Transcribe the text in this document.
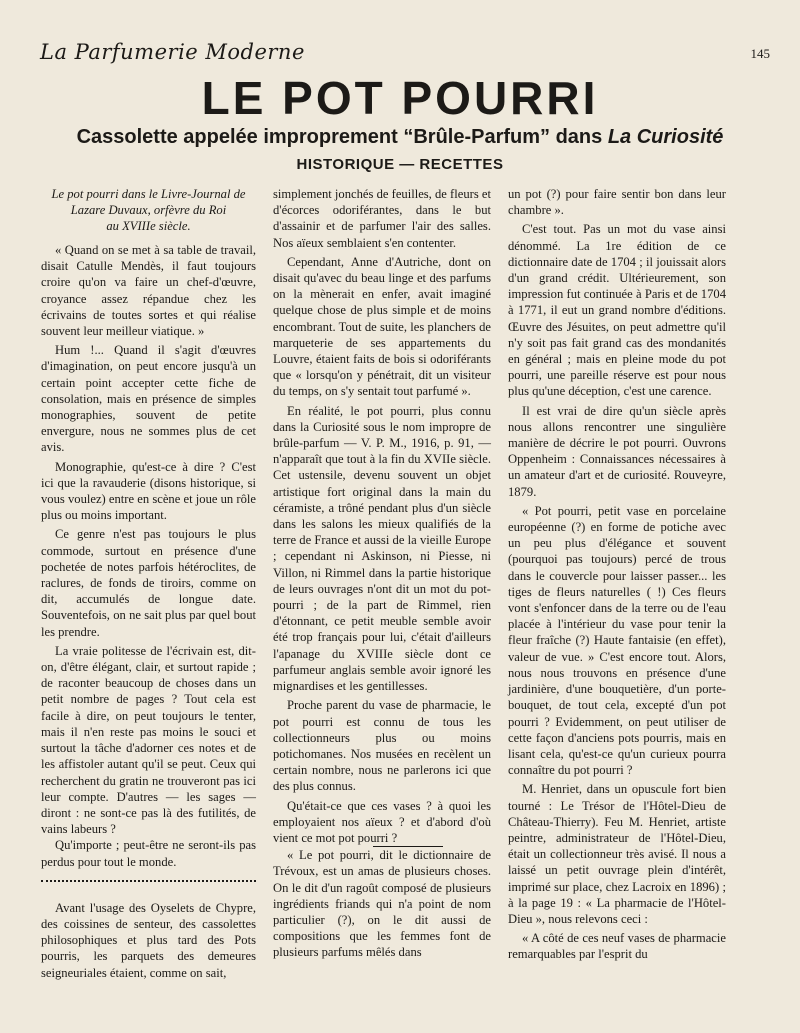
La Parfumerie Moderne	145
LE POT POURRI
Cassolette appelée improprement “Brûle-Parfum” dans La Curiosité
HISTORIQUE — RECETTES

Le pot pourri dans le Livre-Journal de
Lazare Duvaux, orfèvre du Roi
au XVIIIe siècle.

« Quand on se met à sa table de travail, disait Catulle Mendès, il faut toujours croire qu'on va faire un chef-d'œuvre, croyance assez répandue chez les écrivains de toutes sortes et qui réalise souvent leur meilleur viatique. »

Hum !... Quand il s'agit d'œuvres d'imagination, on peut encore jusqu'à un certain point accepter cette fiche de consolation, mais en présence de simples monographies, souvent de petite envergure, nous ne sommes plus de cet avis.

Monographie, qu'est-ce à dire ? C'est ici que la ravauderie (disons historique, si vous voulez) entre en scène et joue un rôle plus ou moins important.

Ce genre n'est pas toujours le plus commode, surtout en présence d'une pochetée de notes parfois hétéroclites, de raclures, de fonds de tiroirs, comme on dit, accumulés de longue date. Souventefois, on ne sait plus par quel bout les prendre.

La vraie politesse de l'écrivain est, dit-on, d'être élégant, clair, et surtout rapide ; de raconter beaucoup de choses dans un petit nombre de pages ? Tout cela est facile à dire, on peut toujours le tenter, mais il n'en reste pas moins le souci et surtout la tâche d'adorner ces notes et de les affistoler autant qu'il se peut. Ceux qui recherchent du gratin ne trouveront pas ici leur compte. D'autres — les sages — diront : ne sont-ce pas là des futilités, de vains labeurs ?

Qu'importe ; peut-être ne seront-ils pas perdus pour tout le monde.

Avant l'usage des Oyselets de Chypre, des coissines de senteur, des cassolettes philosophiques et plus tard des Pots pourris, les parquets des demeures seigneuriales étaient, comme on sait,

simplement jonchés de feuilles, de fleurs et d'écorces odoriférantes, dans le but d'assainir et de parfumer l'air des salles. Nos aïeux semblaient s'en contenter.

Cependant, Anne d'Autriche, dont on disait qu'avec du beau linge et des parfums on la mènerait en enfer, avait imaginé quelque chose de plus simple et de moins encombrant. Tout de suite, les planchers de marqueterie de ses appartements du Louvre, étaient faits de bois si odoriférants que « lorsqu'on y pénétrait, dit un visiteur du temps, on s'y sentait tout parfumé ».

En réalité, le pot pourri, plus connu dans la Curiosité sous le nom impropre de brûle-parfum — V. P. M., 1916, p. 91, — n'apparaît que tout à la fin du XVIIe siècle. Cet ustensile, devenu souvent un objet artistique fort original dans la main du céramiste, a trôné pendant plus d'un siècle dans les salons les mieux qualifiés de la terre de France et aussi de la vieille Europe ; cependant ni Askinson, ni Piesse, ni Villon, ni Rimmel dans la partie historique de leurs ouvrages n'ont dit un mot du pot-pourri ; de la part de Rimmel, rien d'étonnant, ce petit meuble semble avoir été trop français pour lui, c'était d'ailleurs l'apanage du XVIIIe siècle dont ce parfumeur anglais semble avoir ignoré les mignardises et les gentillesses.

Proche parent du vase de pharmacie, le pot pourri est connu de tous les collectionneurs plus ou moins potichomanes. Nos musées en recèlent un certain nombre, nous ne parlerons ici que des plus connus.

Qu'était-ce que ces vases ? à quoi les employaient nos aïeux ? et d'abord d'où vient ce mot pot pourri ?

« Le pot pourri, dit le dictionnaire de Trévoux, est un amas de plusieurs choses. On le dit d'un ragoût composé de plusieurs ingrédients friands qui n'a point de nom particulier (?), on le dit aussi de compositions que les femmes font de plusieurs parfums mêlés dans

un pot (?) pour faire sentir bon dans leur chambre ».

C'est tout. Pas un mot du vase ainsi dénommé. La 1re édition de ce dictionnaire date de 1704 ; il jouissait alors d'un grand crédit. Ultérieurement, son impression fut continuée à Paris et de 1704 à 1771, il eut un grand nombre d'éditions. Œuvre des Jésuites, on peut admettre qu'il n'y soit pas fait grand cas des mondanités en général ; mais en pleine mode du pot pourri, une pareille réserve est pour nous plus qu'une déception, c'est une carence.

Il est vrai de dire qu'un siècle après nous allons rencontrer une singulière manière de décrire le pot pourri. Ouvrons Oppenheim : Connaissances nécessaires à un amateur d'art et de curiosité. Rouveyre, 1879.

« Pot pourri, petit vase en porcelaine européenne (?) en forme de potiche avec un peu plus d'élégance et souvent (pourquoi pas toujours) percé de trous dans le couvercle pour laisser passer... les tiges de fleurs naturelles ( !) Ces fleurs vont s'enfoncer dans de la terre ou de l'eau placée à l'intérieur du vase pour tenir la fleur fraîche (?) Haute fantaisie (en effet), valeur de vue. » C'est encore tout. Alors, nous nous trouvons en présence d'une jardinière, d'une bouquetière, d'un porte-bouquet, de tout cela, excepté d'un pot pourri ? Evidemment, on peut utiliser de cette façon d'anciens pots pourris, mais en lisant cela, qu'est-ce qu'un curieux pourra connaître du pot pourri ?

M. Henriet, dans un opuscule fort bien tourné : Le Trésor de l'Hôtel-Dieu de Château-Thierry). Feu M. Henriet, artiste peintre, administrateur de l'Hôtel-Dieu, était un collectionneur très avisé. Il nous a laissé un petit ouvrage plein d'intérêt, imprimé sur place, chez Lacroix en 1896) ; à la page 19 : « La pharmacie de l'Hôtel-Dieu », nous relevons ceci :

« A côté de ces neuf vases de pharmacie remarquables par l'esprit du
